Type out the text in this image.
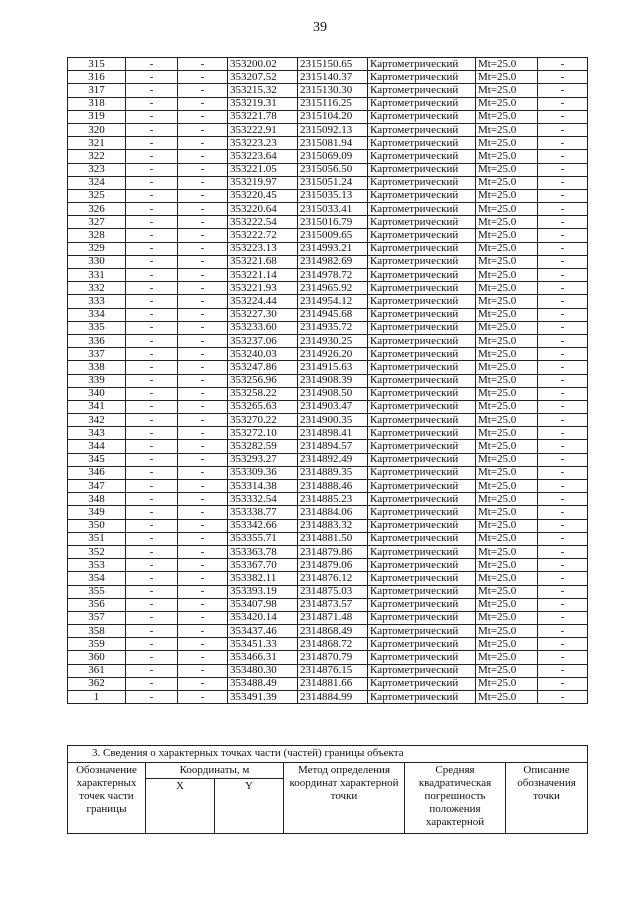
39
315	-	-	353200.02	2315150.65	Картометрический	Mt=25.0	-
316	-	-	353207.52	2315140.37	Картометрический	Mt=25.0	-
317	-	-	353215.32	2315130.30	Картометрический	Mt=25.0	-
318	-	-	353219.31	2315116.25	Картометрический	Mt=25.0	-
319	-	-	353221.78	2315104.20	Картометрический	Mt=25.0	-
320	-	-	353222.91	2315092.13	Картометрический	Mt=25.0	-
321	-	-	353223.23	2315081.94	Картометрический	Mt=25.0	-
322	-	-	353223.64	2315069.09	Картометрический	Mt=25.0	-
323	-	-	353221.05	2315056.50	Картометрический	Mt=25.0	-
324	-	-	353219.97	2315051.24	Картометрический	Mt=25.0	-
325	-	-	353220.45	2315035.13	Картометрический	Mt=25.0	-
326	-	-	353220.64	2315033.41	Картометрический	Mt=25.0	-
327	-	-	353222.54	2315016.79	Картометрический	Mt=25.0	-
328	-	-	353222.72	2315009.65	Картометрический	Mt=25.0	-
329	-	-	353223.13	2314993.21	Картометрический	Mt=25.0	-
330	-	-	353221.68	2314982.69	Картометрический	Mt=25.0	-
331	-	-	353221.14	2314978.72	Картометрический	Mt=25.0	-
332	-	-	353221.93	2314965.92	Картометрический	Mt=25.0	-
333	-	-	353224.44	2314954.12	Картометрический	Mt=25.0	-
334	-	-	353227.30	2314945.68	Картометрический	Mt=25.0	-
335	-	-	353233.60	2314935.72	Картометрический	Mt=25.0	-
336	-	-	353237.06	2314930.25	Картометрический	Mt=25.0	-
337	-	-	353240.03	2314926.20	Картометрический	Mt=25.0	-
338	-	-	353247.86	2314915.63	Картометрический	Mt=25.0	-
339	-	-	353256.96	2314908.39	Картометрический	Mt=25.0	-
340	-	-	353258.22	2314908.50	Картометрический	Mt=25.0	-
341	-	-	353265.63	2314903.47	Картометрический	Mt=25.0	-
342	-	-	353270.22	2314900.35	Картометрический	Mt=25.0	-
343	-	-	353272.10	2314898.41	Картометрический	Mt=25.0	-
344	-	-	353282.59	2314894.57	Картометрический	Mt=25.0	-
345	-	-	353293.27	2314892.49	Картометрический	Mt=25.0	-
346	-	-	353309.36	2314889.35	Картометрический	Mt=25.0	-
347	-	-	353314.38	2314888.46	Картометрический	Mt=25.0	-
348	-	-	353332.54	2314885.23	Картометрический	Mt=25.0	-
349	-	-	353338.77	2314884.06	Картометрический	Mt=25.0	-
350	-	-	353342.66	2314883.32	Картометрический	Mt=25.0	-
351	-	-	353355.71	2314881.50	Картометрический	Mt=25.0	-
352	-	-	353363.78	2314879.86	Картометрический	Mt=25.0	-
353	-	-	353367.70	2314879.06	Картометрический	Mt=25.0	-
354	-	-	353382.11	2314876.12	Картометрический	Mt=25.0	-
355	-	-	353393.19	2314875.03	Картометрический	Mt=25.0	-
356	-	-	353407.98	2314873.57	Картометрический	Mt=25.0	-
357	-	-	353420.14	2314871.48	Картометрический	Mt=25.0	-
358	-	-	353437.46	2314868.49	Картометрический	Mt=25.0	-
359	-	-	353451.33	2314868.72	Картометрический	Mt=25.0	-
360	-	-	353466.31	2314870.79	Картометрический	Mt=25.0	-
361	-	-	353480.30	2314876.15	Картометрический	Mt=25.0	-
362	-	-	353488.49	2314881.66	Картометрический	Mt=25.0	-
1	-	-	353491.39	2314884.99	Картометрический	Mt=25.0	-
3. Сведения о характерных точках части (частей) границы объекта					
Обозначение характерных точек части границы	Координаты, м		Метод определения координат характерной точки	Средняя квадратическая погрешность положения характерной	Описание обозначения точки
	X	Y			
